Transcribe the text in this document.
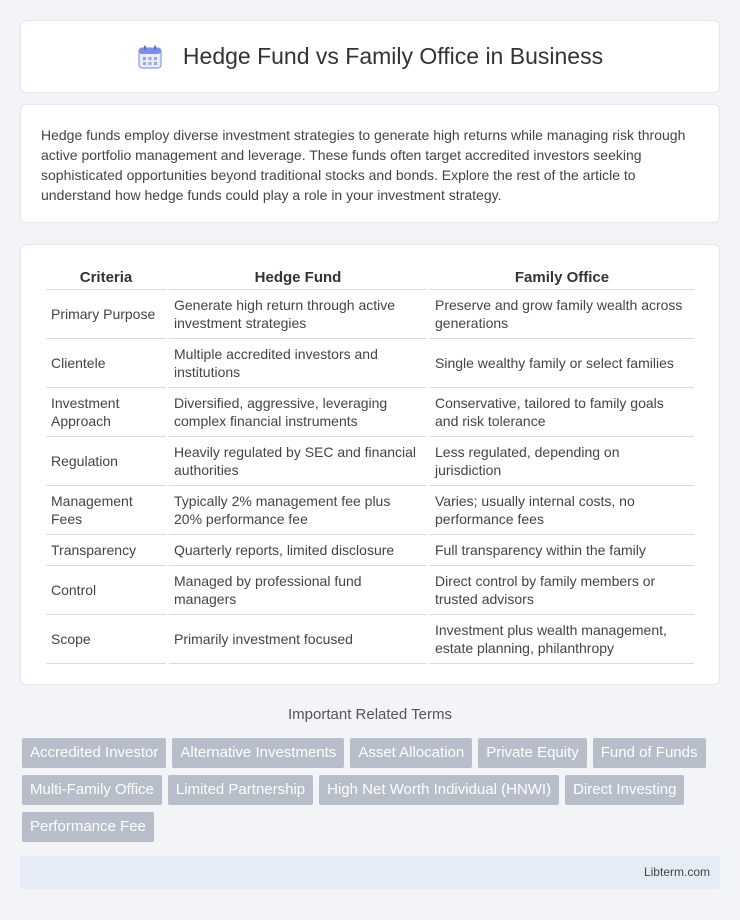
Hedge Fund vs Family Office in Business

Hedge funds employ diverse investment strategies to generate high returns while managing risk through active portfolio management and leverage. These funds often target accredited investors seeking sophisticated opportunities beyond traditional stocks and bonds. Explore the rest of the article to understand how hedge funds could play a role in your investment strategy.

Criteria	Hedge Fund	Family Office
Primary Purpose	Generate high return through active investment strategies	Preserve and grow family wealth across generations
Clientele	Multiple accredited investors and institutions	Single wealthy family or select families
Investment Approach	Diversified, aggressive, leveraging complex financial instruments	Conservative, tailored to family goals and risk tolerance
Regulation	Heavily regulated by SEC and financial authorities	Less regulated, depending on jurisdiction
Management Fees	Typically 2% management fee plus 20% performance fee	Varies; usually internal costs, no performance fees
Transparency	Quarterly reports, limited disclosure	Full transparency within the family
Control	Managed by professional fund managers	Direct control by family members or trusted advisors
Scope	Primarily investment focused	Investment plus wealth management, estate planning, philanthropy
Important Related Terms
Accredited Investor	Alternative Investments	Asset Allocation	Private Equity	Fund of Funds
Multi-Family Office	Limited Partnership	High Net Worth Individual (HNWI)	Direct Investing
Performance Fee
Libterm.com
